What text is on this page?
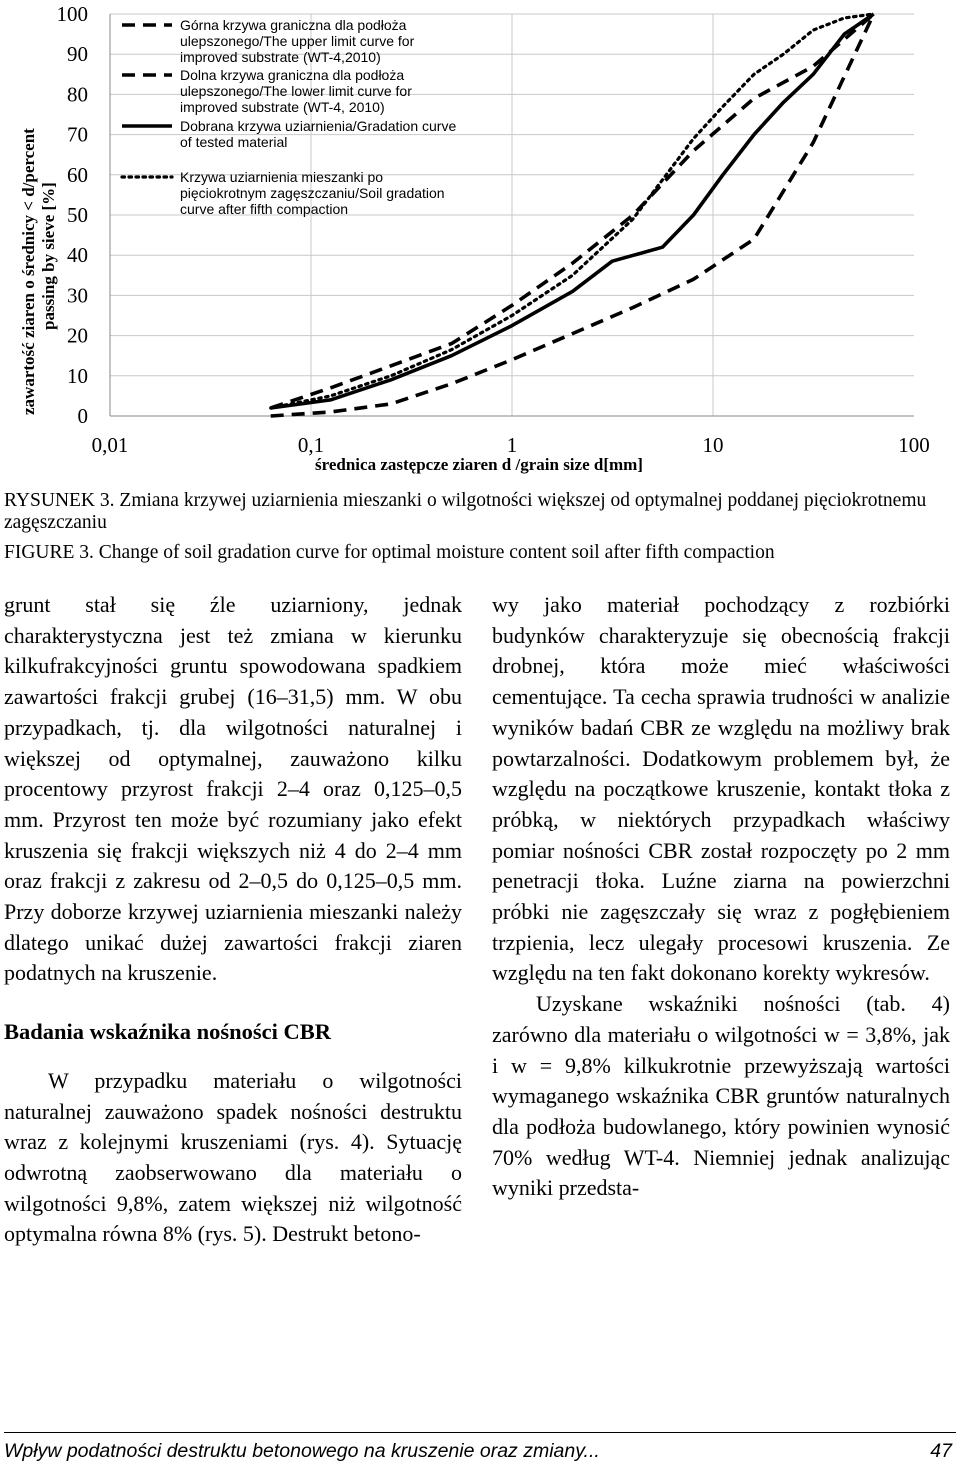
0
10
20
30
40
50
60
70
80
90
100
0,01	0,1	1	10	100
Górna krzywa graniczna dla podłoża
ulepszonego/The upper limit curve for
improved substrate (WT-4,2010)
Dolna krzywa graniczna dla podłoża
ulepszonego/The lower limit curve for
improved substrate (WT-4, 2010)
Dobrana krzywa uziarnienia/Gradation curve
of tested material
Krzywa uziarnienia mieszanki po
pięciokrotnym zagęszczaniu/Soil gradation
curve after fifth compaction
zawartość ziaren o średnicy < d/percent passing by sieve [%]
średnica zastępcze ziaren d /grain size d[mm]
RYSUNEK 3. Zmiana krzywej uziarnienia mieszanki o wilgotności większej od optymalnej poddanej pięciokrotnemu zagęszczaniu
FIGURE 3. Change of soil gradation curve for optimal moisture content soil after fifth compaction

grunt stał się źle uziarniony, jednak charakterystyczna jest też zmiana w kierunku kilkufrakcyjności gruntu spowodowana spadkiem zawartości frakcji grubej (16–31,5) mm. W obu przypadkach, tj. dla wilgotności naturalnej i większej od optymalnej, zauważono kilku procentowy przyrost frakcji 2–4 oraz 0,125–0,5 mm. Przyrost ten może być rozumiany jako efekt kruszenia się frakcji większych niż 4 do 2–4 mm oraz frakcji z zakresu od 2–0,5 do 0,125–0,5 mm. Przy doborze krzywej uziarnienia mieszanki należy dlatego unikać dużej zawartości frakcji ziaren podatnych na kruszenie.

Badania wskaźnika nośności CBR

W przypadku materiału o wilgotności naturalnej zauważono spadek nośności destruktu wraz z kolejnymi kruszeniami (rys. 4). Sytuację odwrotną zaobserwowano dla materiału o wilgotności 9,8%, zatem większej niż wilgotność optymalna równa 8% (rys. 5). Destrukt betono-

wy jako materiał pochodzący z rozbiórki budynków charakteryzuje się obecnością frakcji drobnej, która może mieć właściwości cementujące. Ta cecha sprawia trudności w analizie wyników badań CBR ze względu na możliwy brak powtarzalności. Dodatkowym problemem był, że względu na początkowe kruszenie, kontakt tłoka z próbką, w niektórych przypadkach właściwy pomiar nośności CBR został rozpoczęty po 2 mm penetracji tłoka. Luźne ziarna na powierzchni próbki nie zagęszczały się wraz z pogłębieniem trzpienia, lecz ulegały procesowi kruszenia. Ze względu na ten fakt dokonano korekty wykresów.

Uzyskane wskaźniki nośności (tab. 4) zarówno dla materiału o wilgotności w = 3,8%, jak i w = 9,8% kilkukrotnie przewyższają wartości wymaganego wskaźnika CBR gruntów naturalnych dla podłoża budowlanego, który powinien wynosić 70% według WT-4. Niemniej jednak analizując wyniki przedsta-

Wpływ podatności destruktu betonowego na kruszenie oraz zmiany...	47
